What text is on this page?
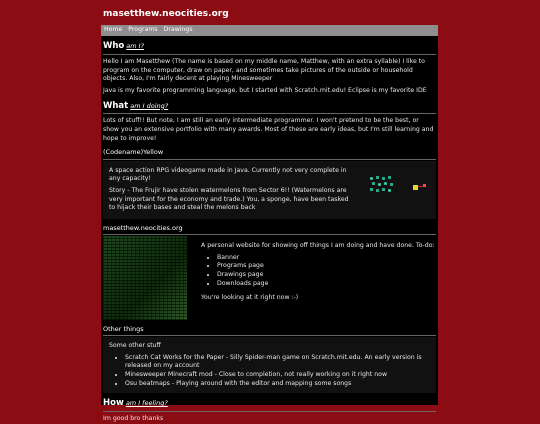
masetthew.neocities.org
Home Programs Drawings
Who am I?

Hello I am Masetthew (The name is based on my middle name, Matthew, with an extra syllable) I like to program on the computer, draw on paper, and sometimes take pictures of the outside or household objects. Also, I'm fairly decent at playing Minesweeper

Java is my favorite programming language, but I started with Scratch.mit.edu! Eclipse is my favorite IDE

What am I doing?

Lots of stuff!! But note, I am still an early intermediate programmer. I won't pretend to be the best, or show you an extensive portfolio with many awards. Most of these are early ideas, but I'm still learning and hope to improve!

(Codename)Yellow

A space action RPG videogame made in Java. Currently not very complete in any capacity!

Story - The Frujir have stolen watermelons from Sector 6!! (Watermelons are very important for the economy and trade.) You, a sponge, have been tasked to hijack their bases and steal the melons back

masetthew.neocities.org

A personal website for showing off things I am doing and have done. To-do:

• Banner
• Programs page
• Drawings page
• Downloads page

You're looking at it right now :-)

Other things

Some other stuff

• Scratch Cat Works for the Paper - Silly Spider-man game on Scratch.mit.edu. An early version is released on my account
• Minesweeper Minecraft mod - Close to completion, not really working on it right now
• Osu beatmaps - Playing around with the editor and mapping some songs
How am I feeling?

Im good bro thanks
